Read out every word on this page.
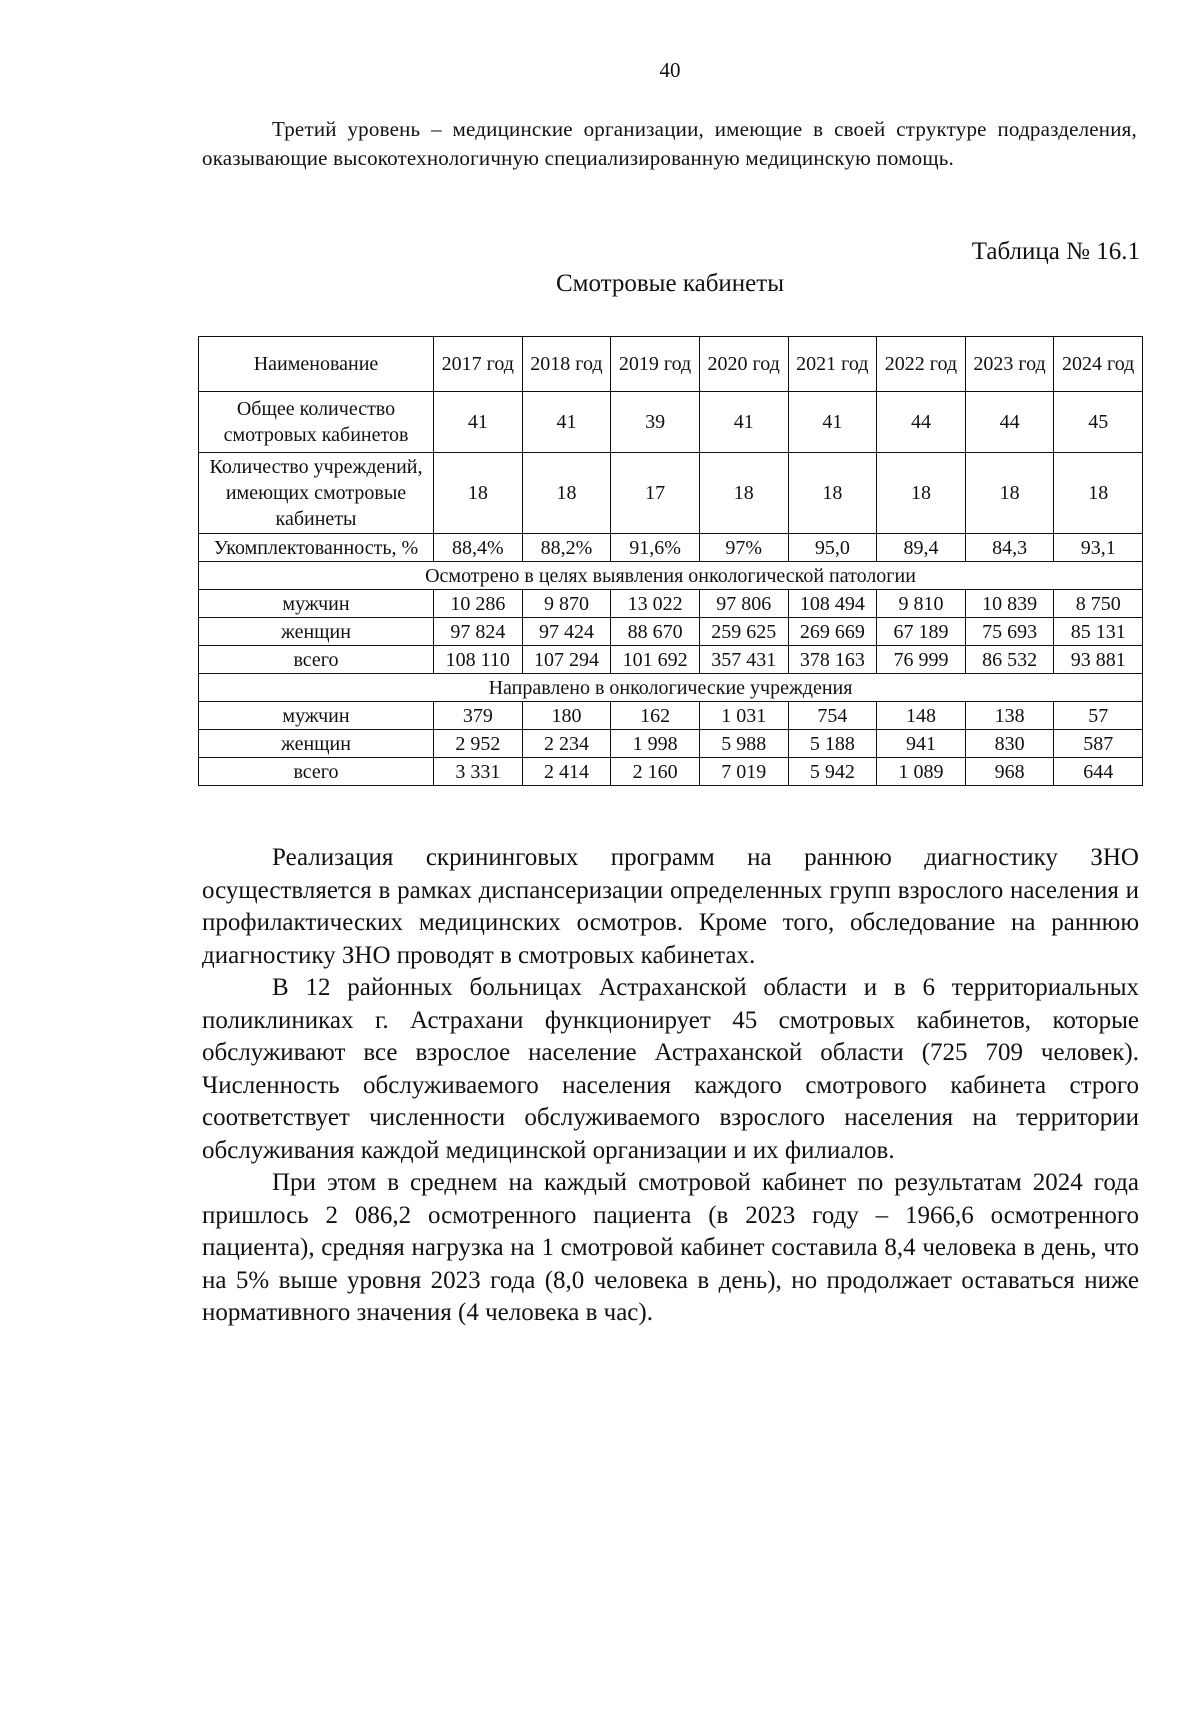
40

Третий уровень – медицинские организации, имеющие в своей структуре подразделения, оказывающие высокотехнологичную специализированную медицинскую помощь.

Таблица № 16.1
Смотровые кабинеты
Наименование	2017 год	2018 год	2019 год	2020 год	2021 год	2022 год	2023 год	2024 год
Общее количество смотровых кабинетов	41	41	39	41	41	44	44	45
Количество учреждений, имеющих смотровые кабинеты	18	18	17	18	18	18	18	18
Укомплектованность, %	88,4%	88,2%	91,6%	97%	95,0	89,4	84,3	93,1
Осмотрено в целях выявления онкологической патологии								
мужчин	10 286	9 870	13 022	97 806	108 494	9 810	10 839	8 750
женщин	97 824	97 424	88 670	259 625	269 669	67 189	75 693	85 131
всего	108 110	107 294	101 692	357 431	378 163	76 999	86 532	93 881
Направлено в онкологические учреждения								
мужчин	379	180	162	1 031	754	148	138	57
женщин	2 952	2 234	1 998	5 988	5 188	941	830	587
всего	3 331	2 414	2 160	7 019	5 942	1 089	968	644

Реализация скрининговых программ на раннюю диагностику ЗНО осуществляется в рамках диспансеризации определенных групп взрослого населения и профилактических медицинских осмотров. Кроме того, обследование на раннюю диагностику ЗНО проводят в смотровых кабинетах.

В 12 районных больницах Астраханской области и в 6 территориальных поликлиниках г. Астрахани функционирует 45 смотровых кабинетов, которые обслуживают все взрослое население Астраханской области (725 709 человек). Численность обслуживаемого населения каждого смотрового кабинета строго соответствует численности обслуживаемого взрослого населения на территории обслуживания каждой медицинской организации и их филиалов.

При этом в среднем на каждый смотровой кабинет по результатам 2024 года пришлось 2 086,2 осмотренного пациента (в 2023 году – 1966,6 осмотренного пациента), средняя нагрузка на 1 смотровой кабинет составила 8,4 человека в день, что на 5% выше уровня 2023 года (8,0 человека в день), но продолжает оставаться ниже нормативного значения (4 человека в час).
